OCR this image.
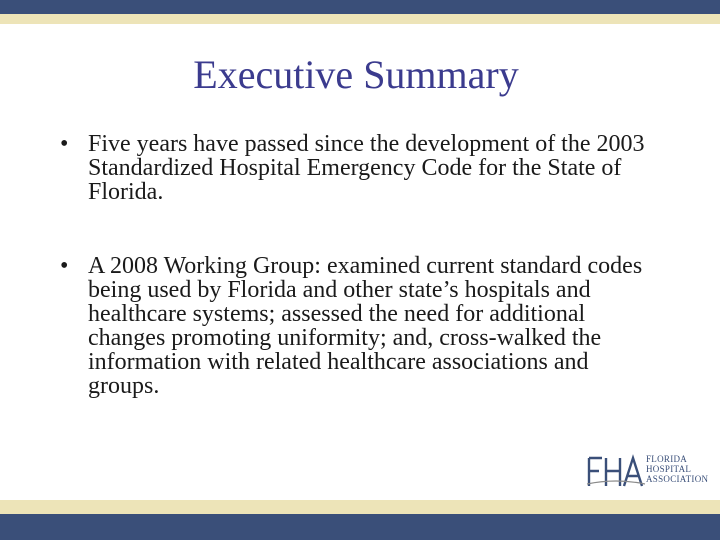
Executive Summary
• Five years have passed since the development of the 2003 Standardized Hospital Emergency Code for the State of Florida.
• A 2008 Working Group: examined current standard codes being used by Florida and other state’s hospitals and healthcare systems; assessed the need for additional changes promoting uniformity; and, cross-walked the information with related healthcare associations and groups.
FLORIDA
HOSPITAL
ASSOCIATION
